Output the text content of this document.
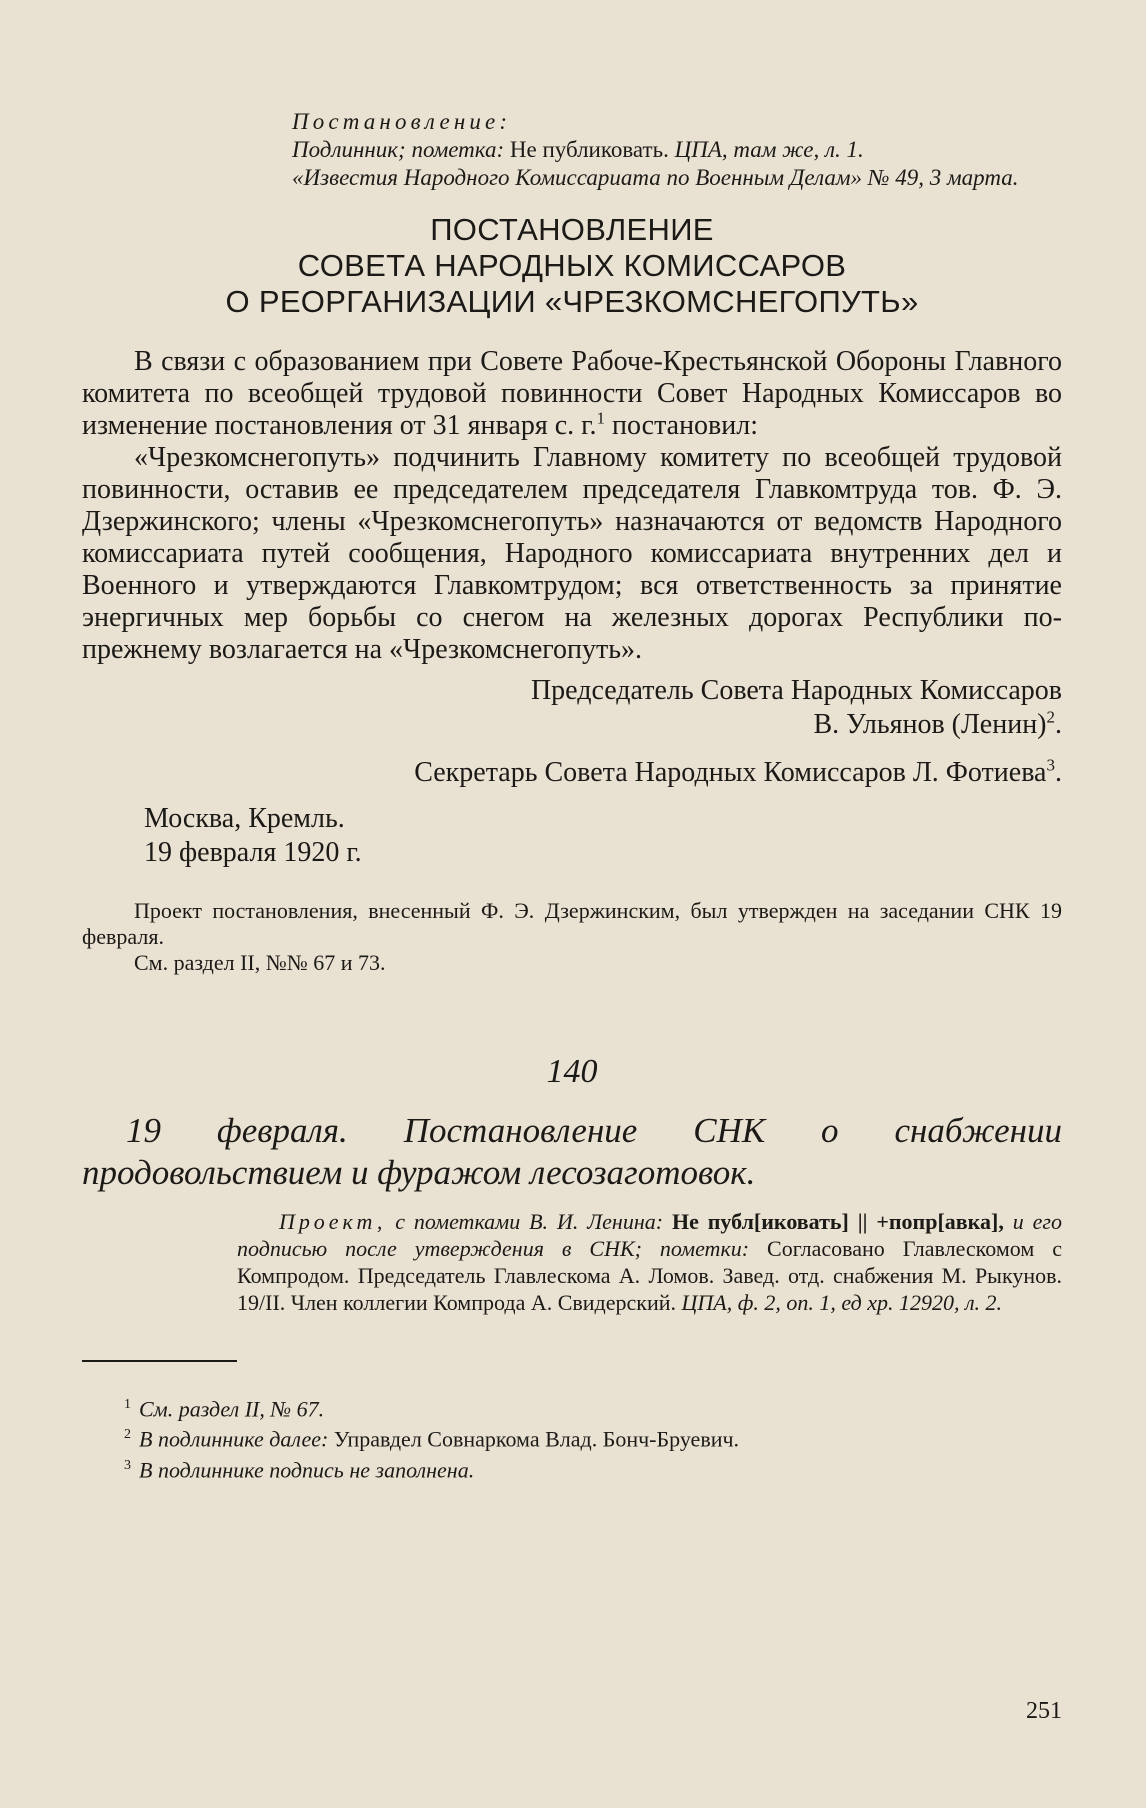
Постановление:

Подлинник; пометка: Не публиковать. ЦПА, там же, л. 1.

«Известия Народного Комиссариата по Военным Делам» № 49, 3 марта.

ПОСТАНОВЛЕНИЕ
СОВЕТА НАРОДНЫХ КОМИССАРОВ
О РЕОРГАНИЗАЦИИ «ЧРЕЗКОМСНЕГОПУТЬ»

В связи с образованием при Совете Рабоче-Крестьянской Обороны Главного комитета по всеобщей трудовой повинности Совет Народных Комиссаров во изменение постановления от 31 января с. г.$^1$ постановил:

«Чрезкомснегопуть» подчинить Главному комитету по всеобщей трудовой повинности, оставив ее председателем председателя Главкомтруда тов. Ф. Э. Дзержинского; члены «Чрезкомснегопуть» назначаются от ведомств Народного комиссариата путей сообщения, Народного комиссариата внутренних дел и Военного и утверждаются Главкомтрудом; вся ответственность за принятие энергичных мер борьбы со снегом на железных дорогах Республики по-прежнему возлагается на «Чрезкомснегопуть».

Председатель Совета Народных Комиссаров
В. Ульянов (Ленин)$^2$.
Секретарь Совета Народных Комиссаров Л. Фотиева$^3$.
Москва, Кремль.
19 февраля 1920 г.

Проект постановления, внесенный Ф. Э. Дзержинским, был утвержден на заседании СНК 19 февраля.

См. раздел II, №№ 67 и 73.

140
19 февраля. Постановление СНК о снабжении продовольствием и фуражом лесозаготовок.

Проект, с пометками В. И. Ленина: Не публ[иковать] || +попр[авка], и его подписью после утверждения в СНК; пометки: Согласовано Главлескомом с Компродом. Председатель Главлескома А. Ломов. Завед. отд. снабжения М. Рыкунов. 19/II. Член коллегии Компрода А. Свидерский. ЦПА, ф. 2, оп. 1, ед хр. 12920, л. 2.

$^1$ См. раздел II, № 67.
$^2$ В подлиннике далее: Управдел Совнаркома Влад. Бонч-Бруевич.
$^3$ В подлиннике подпись не заполнена.
251
